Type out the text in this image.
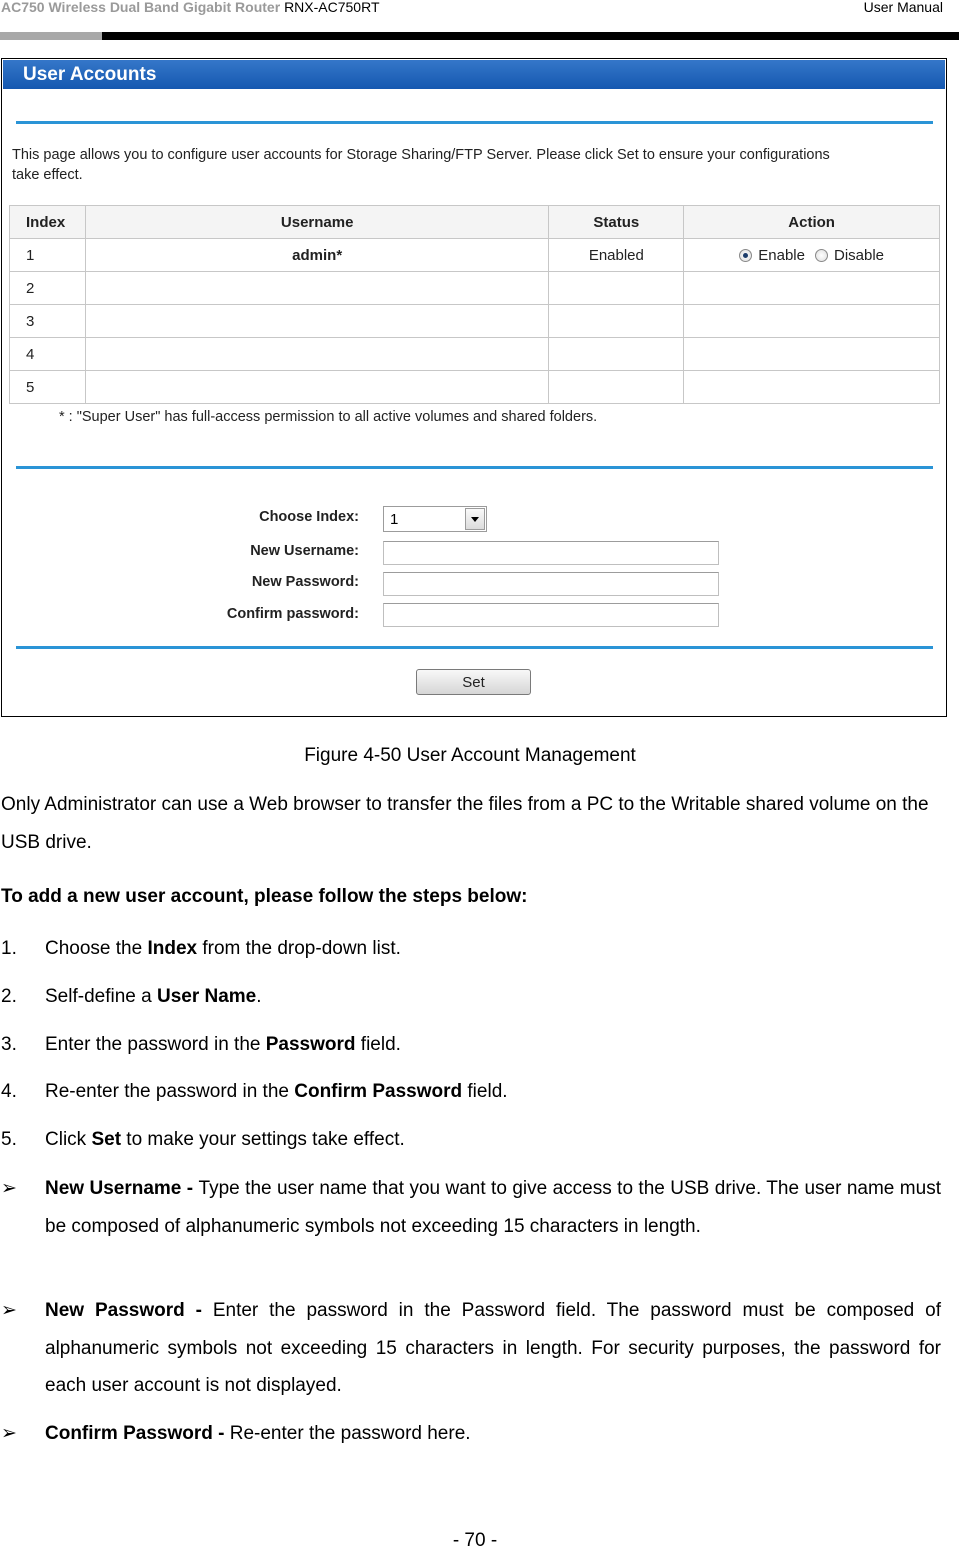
AC750 Wireless Dual Band Gigabit Router RNX-AC750RT	User Manual
User Accounts
This page allows you to configure user accounts for Storage Sharing/FTP Server. Please click Set to ensure your configurations take effect.
Index	Username	Status	Action
1	admin*	Enabled	Enable Disable
2			
3			
4			
5			
* : "Super User" has full-access permission to all active volumes and shared folders.
Choose Index: 1
New Username:
New Password:
Confirm password:
Set
Figure 4-50 User Account Management
Only Administrator can use a Web browser to transfer the files from a PC to the Writable shared volume on the USB drive.
To add a new user account, please follow the steps below:
1. Choose the Index from the drop-down list.
2. Self-define a User Name.
3. Enter the password in the Password field.
4. Re-enter the password in the Confirm Password field.
5. Click Set to make your settings take effect.
➢ New Username - Type the user name that you want to give access to the USB drive. The user name must be composed of alphanumeric symbols not exceeding 15 characters in length.
➢ New Password - Enter the password in the Password field. The password must be composed of alphanumeric symbols not exceeding 15 characters in length. For security purposes, the password for each user account is not displayed.
➢ Confirm Password - Re-enter the password here.
- 70 -
